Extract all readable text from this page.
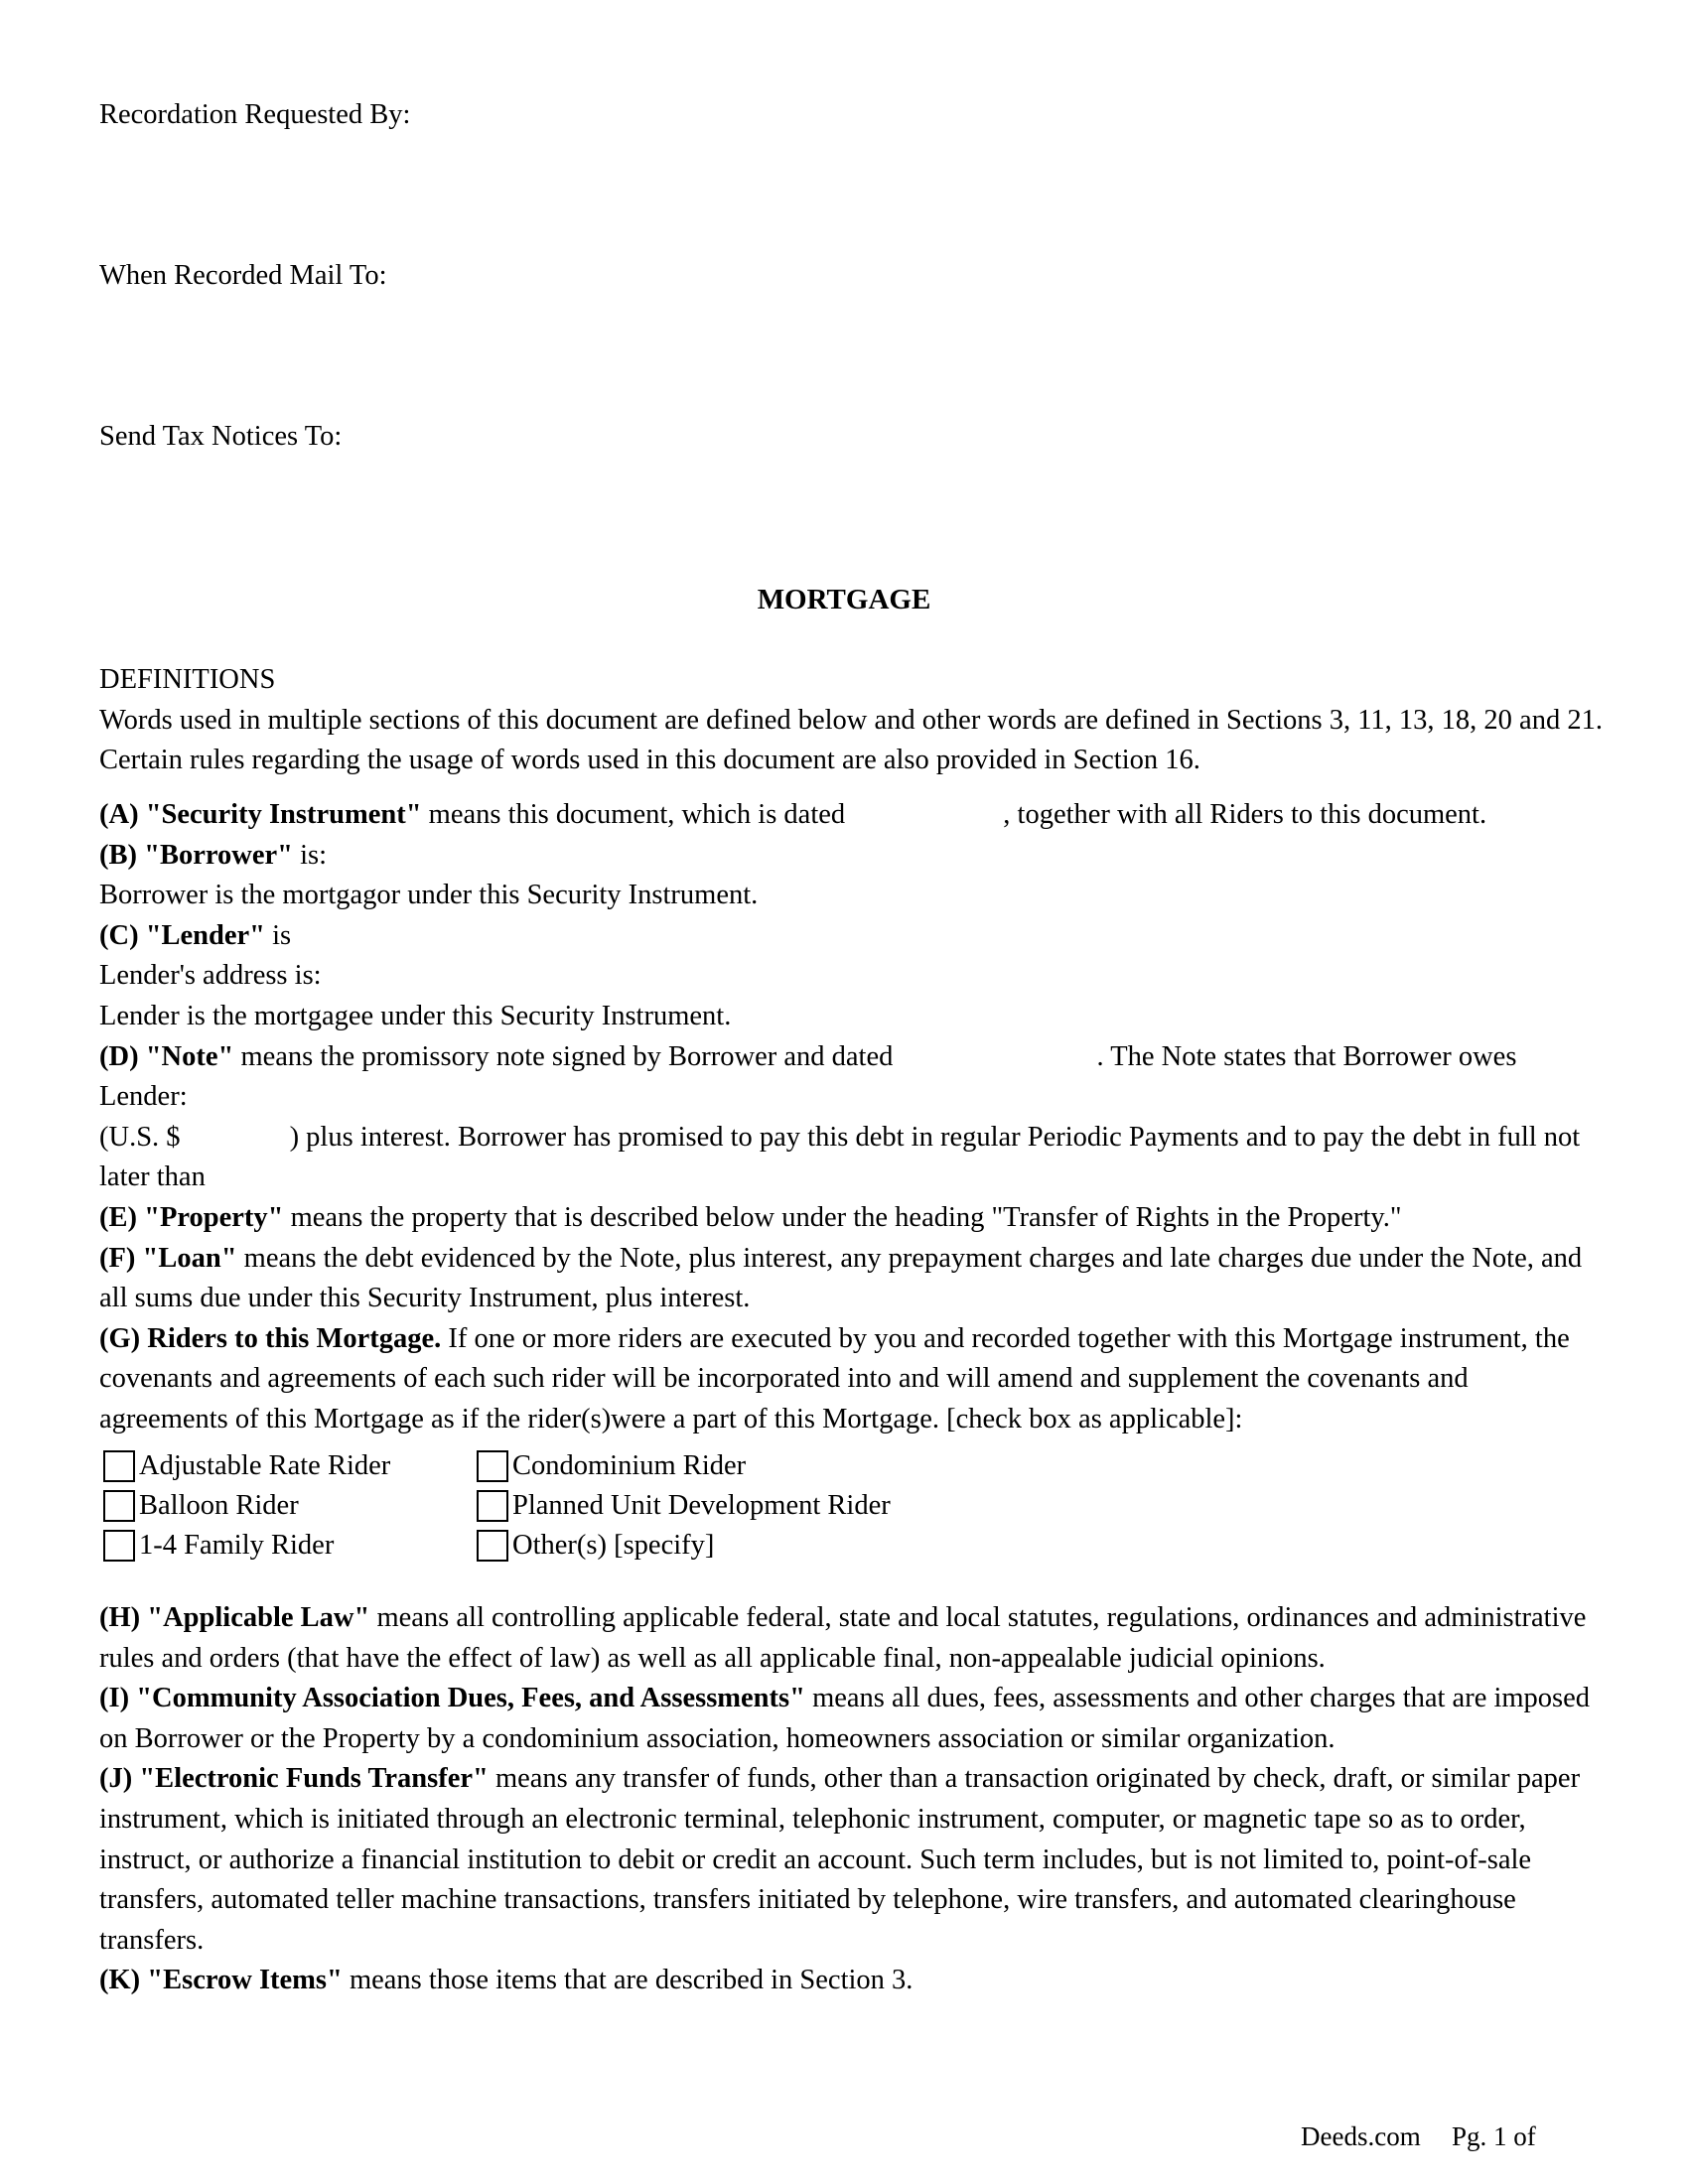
Recordation Requested By:
When Recorded Mail To:
Send Tax Notices To:
MORTGAGE

DEFINITIONS

Words used in multiple sections of this document are defined below and other words are defined in Sections 3, 11, 13, 18, 20 and 21. Certain rules regarding the usage of words used in this document are also provided in Section 16.

(A) "Security Instrument" means this document, which is dated	, together with all Riders to this document.

(B) "Borrower" is:

Borrower is the mortgagor under this Security Instrument.

(C) "Lender" is

Lender's address is:

Lender is the mortgagee under this Security Instrument.

(D) "Note" means the promissory note signed by Borrower and dated	. The Note states that Borrower owes Lender:

(U.S. $	) plus interest. Borrower has promised to pay this debt in regular Periodic Payments and to pay the debt in full not later than

(E) "Property" means the property that is described below under the heading "Transfer of Rights in the Property."

(F) "Loan" means the debt evidenced by the Note, plus interest, any prepayment charges and late charges due under the Note, and all sums due under this Security Instrument, plus interest.

(G) Riders to this Mortgage. If one or more riders are executed by you and recorded together with this Mortgage instrument, the covenants and agreements of each such rider will be incorporated into and will amend and supplement the covenants and agreements of this Mortgage as if the rider(s)were a part of this Mortgage. [check box as applicable]:

Adjustable Rate Rider
Balloon Rider
1-4 Family Rider
Condominium Rider
Planned Unit Development Rider
Other(s) [specify]

(H) "Applicable Law" means all controlling applicable federal, state and local statutes, regulations, ordinances and administrative rules and orders (that have the effect of law) as well as all applicable final, non-appealable judicial opinions.

(I) "Community Association Dues, Fees, and Assessments" means all dues, fees, assessments and other charges that are imposed on Borrower or the Property by a condominium association, homeowners association or similar organization.

(J) "Electronic Funds Transfer" means any transfer of funds, other than a transaction originated by check, draft, or similar paper instrument, which is initiated through an electronic terminal, telephonic instrument, computer, or magnetic tape so as to order, instruct, or authorize a financial institution to debit or credit an account. Such term includes, but is not limited to, point-of-sale transfers, automated teller machine transactions, transfers initiated by telephone, wire transfers, and automated clearinghouse transfers.

(K) "Escrow Items" means those items that are described in Section 3.

Deeds.com Pg. 1 of
